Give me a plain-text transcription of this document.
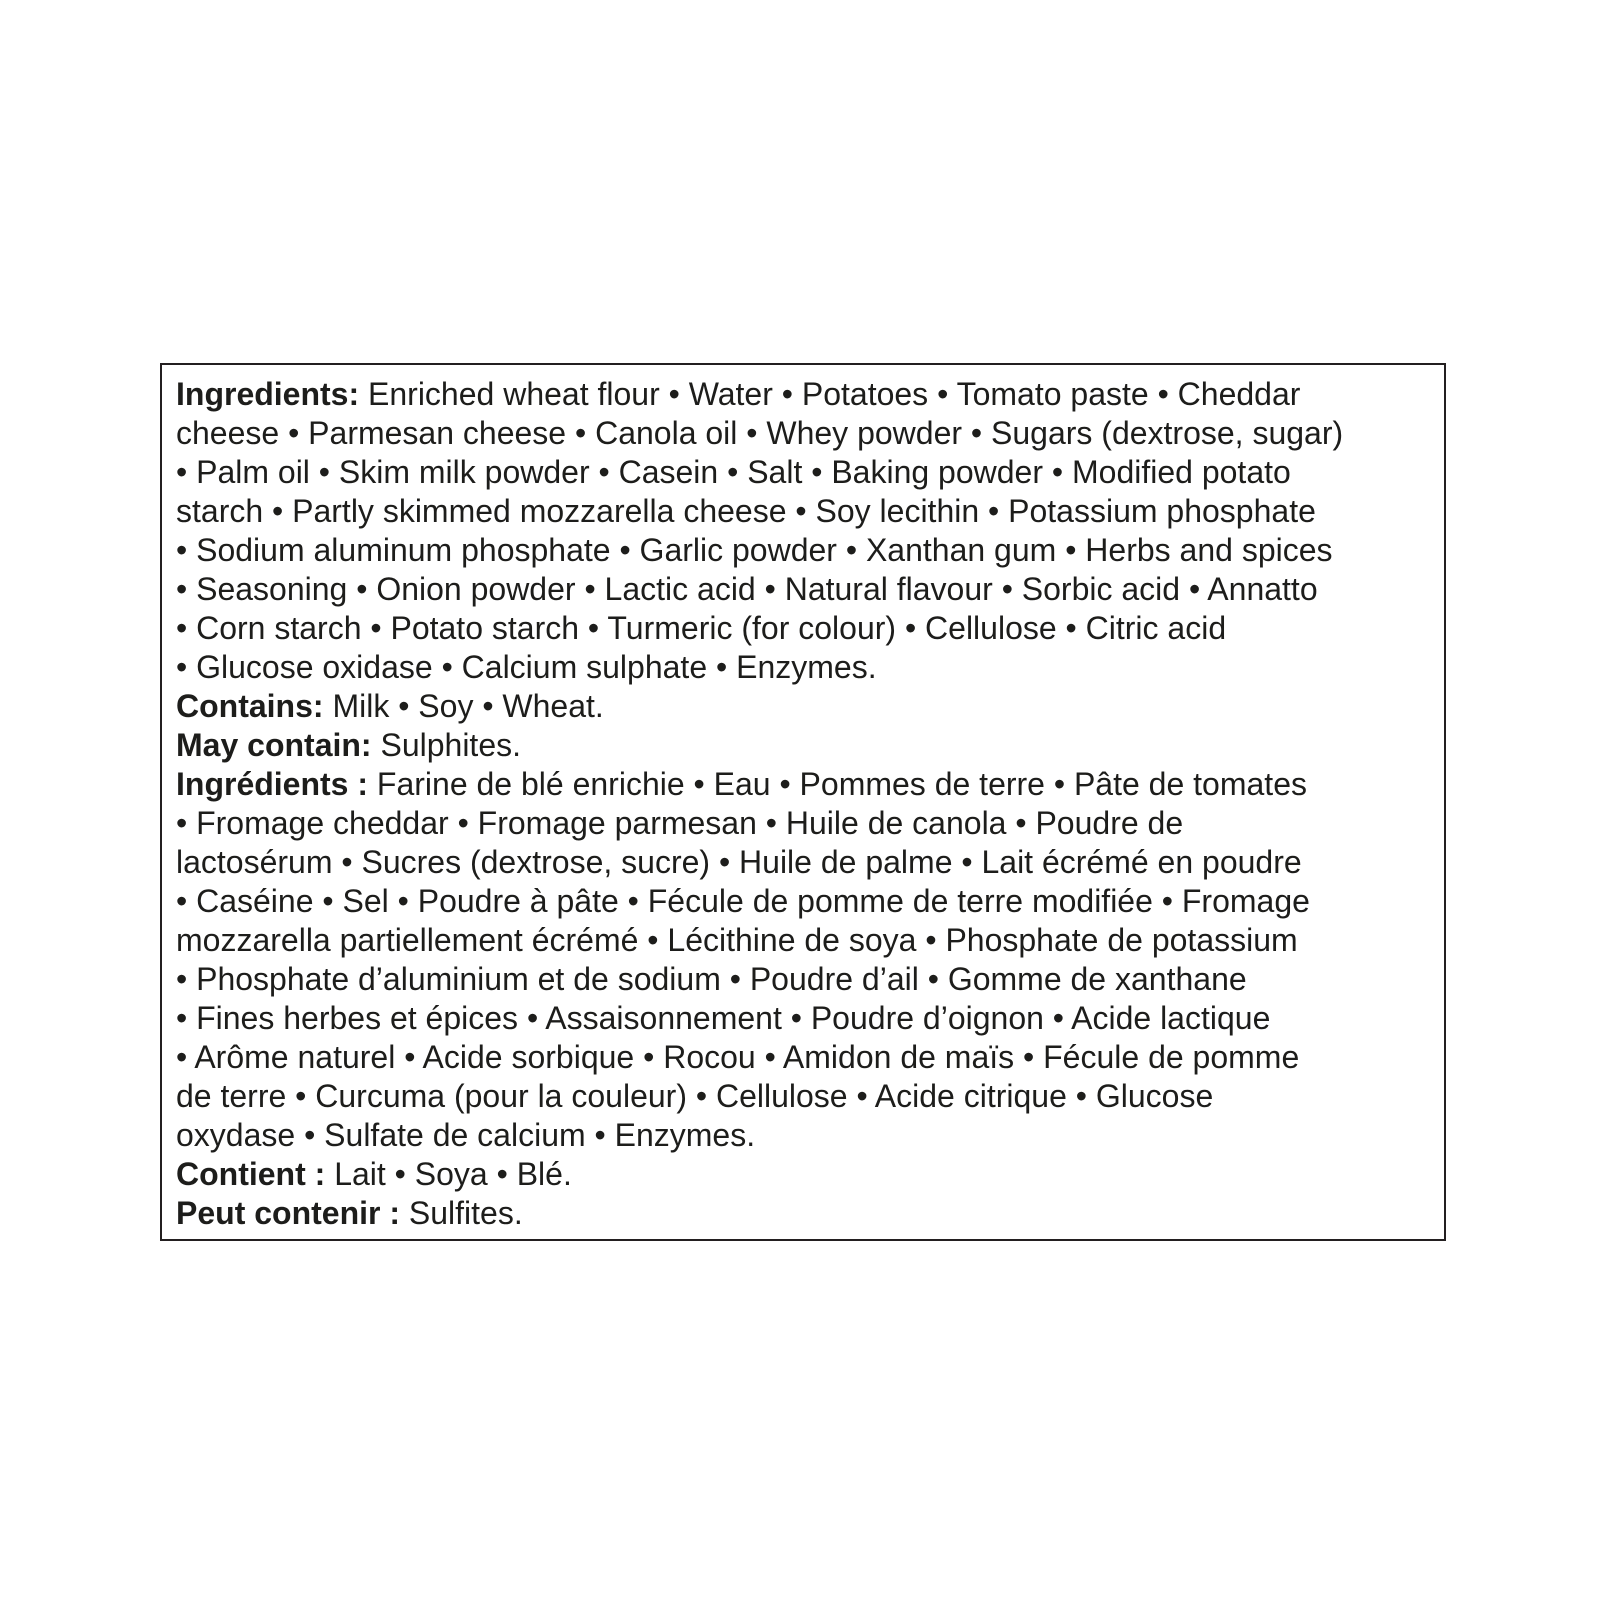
Ingredients: Enriched wheat flour • Water • Potatoes • Tomato paste • Cheddar
cheese • Parmesan cheese • Canola oil • Whey powder • Sugars (dextrose, sugar)
• Palm oil • Skim milk powder • Casein • Salt • Baking powder • Modified potato
starch • Partly skimmed mozzarella cheese • Soy lecithin • Potassium phosphate
• Sodium aluminum phosphate • Garlic powder • Xanthan gum • Herbs and spices
• Seasoning • Onion powder • Lactic acid • Natural flavour • Sorbic acid • Annatto
• Corn starch • Potato starch • Turmeric (for colour) • Cellulose • Citric acid
• Glucose oxidase • Calcium sulphate • Enzymes.
Contains: Milk • Soy • Wheat.
May contain: Sulphites.
Ingrédients : Farine de blé enrichie • Eau • Pommes de terre • Pâte de tomates
• Fromage cheddar • Fromage parmesan • Huile de canola • Poudre de
lactosérum • Sucres (dextrose, sucre) • Huile de palme • Lait écrémé en poudre
• Caséine • Sel • Poudre à pâte • Fécule de pomme de terre modifiée • Fromage
mozzarella partiellement écrémé • Lécithine de soya • Phosphate de potassium
• Phosphate d’aluminium et de sodium • Poudre d’ail • Gomme de xanthane
• Fines herbes et épices • Assaisonnement • Poudre d’oignon • Acide lactique
• Arôme naturel • Acide sorbique • Rocou • Amidon de maïs • Fécule de pomme
de terre • Curcuma (pour la couleur) • Cellulose • Acide citrique • Glucose
oxydase • Sulfate de calcium • Enzymes.
Contient : Lait • Soya • Blé.
Peut contenir : Sulfites.
